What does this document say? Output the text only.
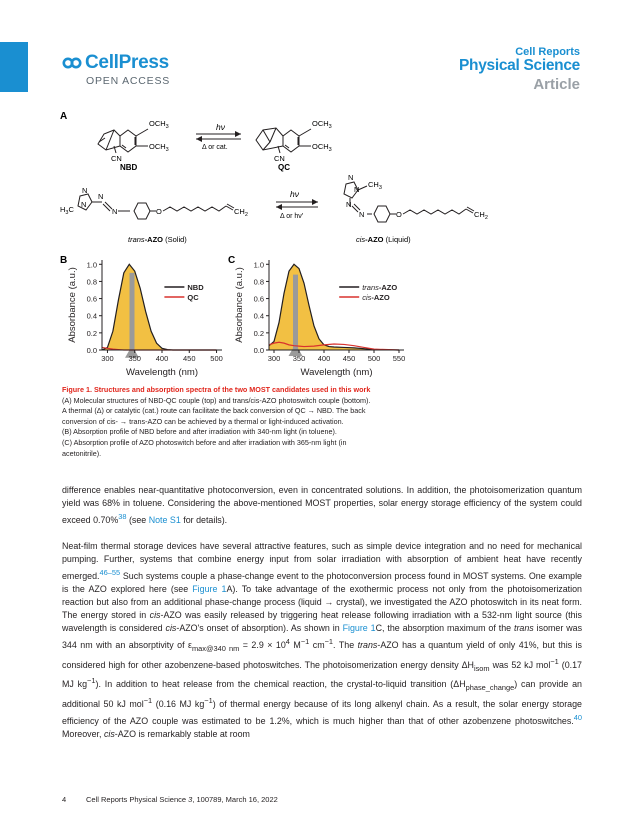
CellPress
OPEN ACCESS
Cell Reports
Physical Science
Article
A
$OCH_3$
$OCH_3$
CN
NBD
hν
Δ or cat.
$OCH_3$
$OCH_3$
CN
QC
N
N
N
N
$H_3C$	O	$CH_2$
trans-AZO (Solid)
hν
Δ or hν′
N
N
N
N
$CH_3$
O	$CH_2$
cis-AZO (Liquid)
B
0.0
0.2
0.4
0.6
0.8
1.0
300 350 400 450 500
Wavelength (nm)
Absorbance (a.u.)	NBD
QC
C
0.0
0.2
0.4
0.6
0.8
1.0
300 350 400 450 500 550
Wavelength (nm)
Absorbance (a.u.)	trans-AZO
cis-AZO
Figure 1. Structures and absorption spectra of the two MOST candidates used in this work
(A) Molecular structures of NBD-QC couple (top) and trans/cis-AZO photoswitch couple (bottom).
A thermal (Δ) or catalytic (cat.) route can facilitate the back conversion of QC → NBD. The back
conversion of cis- → trans-AZO can be achieved by a thermal or light-induced activation.
(B) Absorption profile of NBD before and after irradiation with 340-nm light (in toluene).
(C) Absorption profile of AZO photoswitch before and after irradiation with 365-nm light (in
acetonitrile).

difference enables near-quantitative photoconversion, even in concentrated solutions. In addition, the photoisomerization quantum yield was 68% in toluene. Considering the above-mentioned MOST properties, solar energy storage efficiency of the system could exceed 0.70%$^{38}$ (see Note S1 for details).

Neat-film thermal storage devices have several attractive features, such as simple device integration and no need for mechanical pumping. Further, systems that combine energy input from solar irradiation with absorption of ambient heat have recently emerged.$^{46-55}$ Such systems couple a phase-change event to the photoconversion process found in MOST systems. One example is the AZO explored here (see Figure 1A). To take advantage of the exothermic process not only from the photoisomerization reaction but also from an additional phase-change process (liquid → crystal), we investigated the AZO photoswitch in its neat form. The energy stored in cis-AZO was easily released by triggering heat release following irradiation with a 532-nm light source (this wavelength is considered cis-AZO's onset of absorption). As shown in Figure 1C, the absorption maximum of the trans isomer was 344 nm with an absorptivity of $\varepsilon_{max@340 nm} = 2.9 \times 10^4$ $M^{-1}$ $cm^{-1}$. The trans-AZO has a quantum yield of only 41%, but this is considered high for other azobenzene-based photoswitches. The photoisomerization energy density $\Delta H_{isom}$ was 52 kJ mol$^{-1}$ (0.17 MJ $kg^{-1}$). In addition to heat release from the chemical reaction, the crystal-to-liquid transition $(\Delta H_{phase\_change})$ can provide an additional 50 kJ mol$^{-1}$ (0.16 MJ $kg^{-1}$) of thermal energy because of its long alkenyl chain. As a result, the solar energy storage efficiency of the AZO couple was estimated to be 1.2%, which is much higher than that of other azobenzene photoswitches.$^{40}$ Moreover, cis-AZO is remarkably stable at room

4	Cell Reports Physical Science 3, 100789, March 16, 2022
